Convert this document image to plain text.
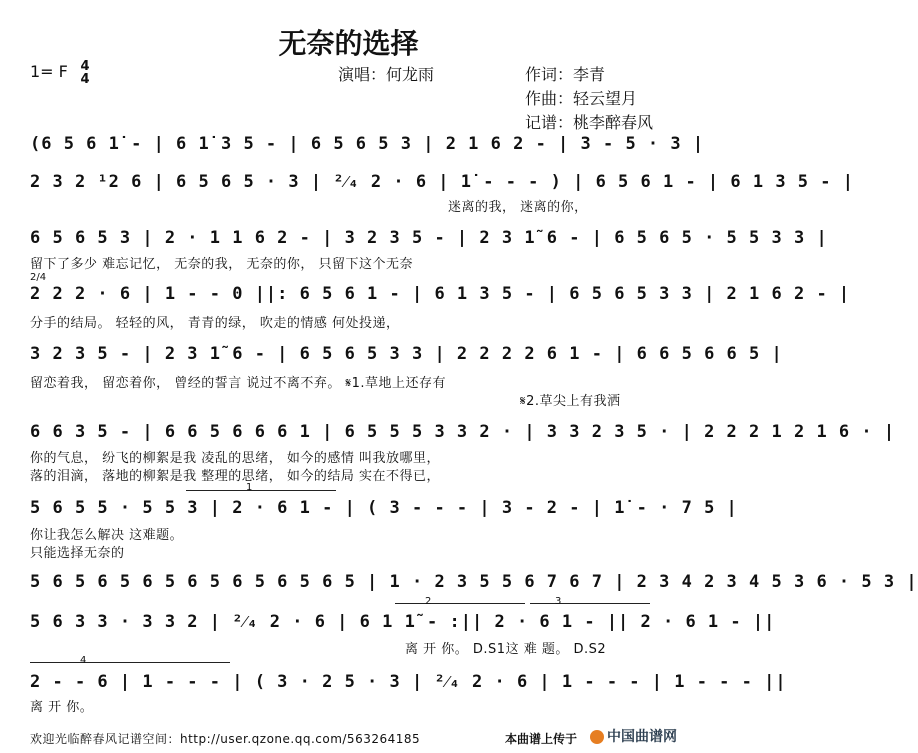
无奈的选择
1= F 4
4	演唱：何龙雨	作词：李青
作曲：轻云望月
记谱：桃李醉春风
(6 5 6 1̇ - | 6 1̇ 3 5 - | 6 5 6 5 3 | 2 1 6 2 - | 3 - 5 · 3 |
2 3 2 ¹2 6 | 6 5 6 5 · 3 | ²⁄₄ 2 · 6 | 1̇ - - - ) | 6 5 6 1 - | 6 1 3 5 - |
迷离的我， 迷离的你，
6 5 6 5 3 | 2 · 1 1 6 2 - | 3 2 3 5 - | 2 3 1̃ 6 - | 6 5 6 5 · 5 5 3 3 |
留下了多少 难忘记忆， 无奈的我， 无奈的你， 只留下这个无奈
2/4
2 2 2 · 6 | 1 - - 0 ||: 6 5 6 1 - | 6 1 3 5 - | 6 5 6 5 3 3 | 2 1 6 2 - |
分手的结局。 轻轻的风， 青青的绿， 吹走的情感 何处投递，
3 2 3 5 - | 2 3 1̃ 6 - | 6 5 6 5 3 3 | 2 2 2 2 6 1 - | 6 6 5 6 6 5 |
留恋着我， 留恋着你， 曾经的誓言 说过不离不弃。 𝄋1.草地上还存有
𝄋2.草尖上有我洒
6 6 3 5 - | 6 6 5 6 6 6 1 | 6 5 5 5 3 3 2 · | 3 3 2 3 5 · | 2 2 2 1 2 1 6 · |
你的气息， 纷飞的柳絮是我 凌乱的思绪， 如今的感情 叫我放哪里，
落的泪滴， 落地的柳絮是我 整理的思绪， 如今的结局 实在不得已，
1
5 6 5 5 · 5 5 3 | 2 · 6 1 - | ( 3 - - - | 3 - 2 - | 1̇ - · 7 5 |
你让我怎么解决 这难题。
只能选择无奈的
5 6 5 6 5 6 5 6 5 6 5 6 5 6 5 | 1 · 2 3 5 5 6 7 6 7 | 2 3 4 2 3 4 5 3 6 · 5 3 |
2	3
5 6 3 3 · 3 3 2 | ²⁄₄ 2 · 6 | 6 1 1̃ - :|| 2 · 6 1 - || 2 · 6 1 - ||
离 开 你。 D.S1这 难 题。 D.S2
4
2 - - 6 | 1 - - - | ( 3 · 2 5 · 3 | ²⁄₄ 2 · 6 | 1 - - - | 1 - - - ||
离 开 你。
欢迎光临醉春风记谱空间：http://user.qzone.qq.com/563264185	本曲谱上传于	中国曲谱网
